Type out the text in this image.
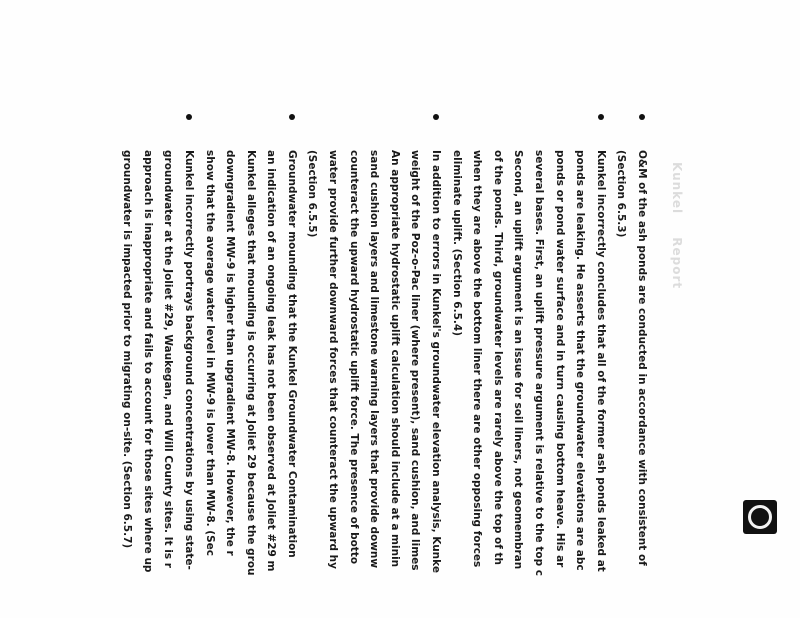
Kunkel Report

O&M of the ash ponds are conducted in accordance with consistent of

(Section 6.5.3)

Kunkel incorrectly concludes that all of the former ash ponds leaked at

ponds are leaking. He asserts that the groundwater elevations are abc

ponds or pond water surface and in turn causing bottom heave. His ar

several bases. First, an uplift pressure argument is relative to the top c

Second, an uplift argument is an issue for soil liners, not geomembran

of the ponds. Third, groundwater levels are rarely above the top of th

when they are above the bottom liner there are other opposing forces

eliminate uplift. (Section 6.5.4)

In addition to errors in Kunkel's groundwater elevation analysis, Kunke

weight of the Poz-o-Pac liner (where present), sand cushion, and limes

An appropriate hydrostatic uplift calculation should include at a minin

sand cushion layers and limestone warning layers that provide downw

counteract the upward hydrostatic uplift force. The presence of botto

water provide further downward forces that counteract the upward hy

(Section 6.5.5)

Groundwater mounding that the Kunkel Groundwater Contamination

an indication of an ongoing leak has not been observed at Joliet #29 m

Kunkel alleges that mounding is occurring at Joliet 29 because the grou

downgradient MW-9 is higher than upgradient MW-8. However, the r

show that the average water level in MW-9 is lower than MW-8. (Sec

Kunkel incorrectly portrays background concentrations by using state-

groundwater at the Joliet #29, Waukegan, and Will County sites. It is r

approach is inappropriate and fails to account for those sites where up

groundwater is impacted prior to migrating on-site. (Section 6.5.7)
